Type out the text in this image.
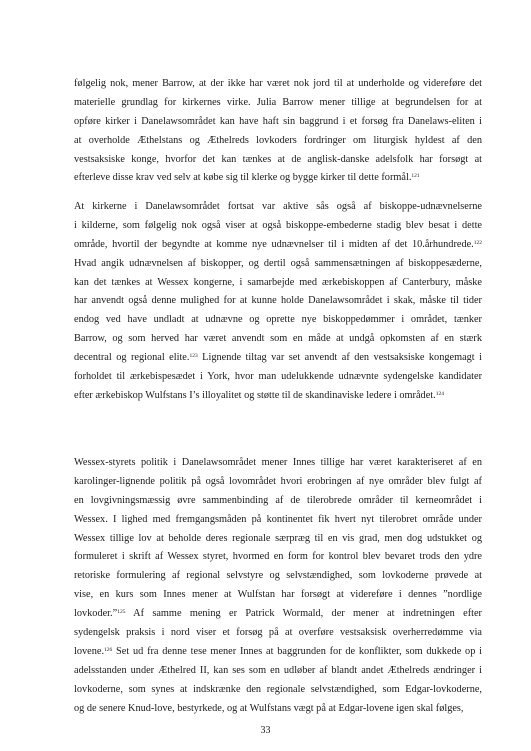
følgelig nok, mener Barrow, at der ikke har været nok jord til at underholde og videreføre det
materielle grundlag for kirkernes virke. Julia Barrow mener tillige at begrundelsen for at
opføre kirker i Danelawsområdet kan have haft sin baggrund i et forsøg fra Danelaws-eliten i
at overholde Æthelstans og Æthelreds lovkoders fordringer om liturgisk hyldest af den
vestsaksiske konge, hvorfor det kan tænkes at de anglisk-danske adelsfolk har forsøgt at
efterleve disse krav ved selv at købe sig til klerke og bygge kirker til dette formål.$^{121}$
At kirkerne i Danelawsområdet fortsat var aktive sås også af biskoppe-udnævnelserne
i kilderne, som følgelig nok også viser at også biskoppe-embederne stadig blev besat i dette
område, hvortil der begyndte at komme nye udnævnelser til i midten af det 10.århundrede.$^{122}$
Hvad angik udnævnelsen af biskopper, og dertil også sammensætningen af biskoppesæderne,
kan det tænkes at Wessex kongerne, i samarbejde med ærkebiskoppen af Canterbury, måske
har anvendt også denne mulighed for at kunne holde Danelawsområdet i skak, måske til tider
endog ved have undladt at udnævne og oprette nye biskoppedømmer i området, tænker
Barrow, og som herved har været anvendt som en måde at undgå opkomsten af en stærk
decentral og regional elite.$^{123}$ Lignende tiltag var set anvendt af den vestsaksiske kongemagt i
forholdet til ærkebispesædet i York, hvor man udelukkende udnævnte sydengelske kandidater
efter ærkebiskop Wulfstans I’s illoyalitet og støtte til de skandinaviske ledere i området.$^{124}$
Wessex-styrets politik i Danelawsområdet mener Innes tillige har været karakteriseret af en
karolinger-lignende politik på også lovområdet hvori erobringen af nye områder blev fulgt af
en lovgivningsmæssig øvre sammenbinding af de tilerobrede områder til kerneområdet i
Wessex. I lighed med fremgangsmåden på kontinentet fik hvert nyt tilerobret område under
Wessex tillige lov at beholde deres regionale særpræg til en vis grad, men dog udstukket og
formuleret i skrift af Wessex styret, hvormed en form for kontrol blev bevaret trods den ydre
retoriske formulering af regional selvstyre og selvstændighed, som lovkoderne prøvede at
vise, en kurs som Innes mener at Wulfstan har forsøgt at videreføre i dennes ”nordlige
lovkoder.”$^{125}$ Af samme mening er Patrick Wormald, der mener at indretningen efter
sydengelsk praksis i nord viser et forsøg på at overføre vestsaksisk overherredømme via
lovene.$^{126}$ Set ud fra denne tese mener Innes at baggrunden for de konflikter, som dukkede op i
adelsstanden under Æthelred II, kan ses som en udløber af blandt andet Æthelreds ændringer i
lovkoderne, som synes at indskrænke den regionale selvstændighed, som Edgar-lovkoderne,
og de senere Knud-love, bestyrkede, og at Wulfstans vægt på at Edgar-lovene igen skal følges,
33
